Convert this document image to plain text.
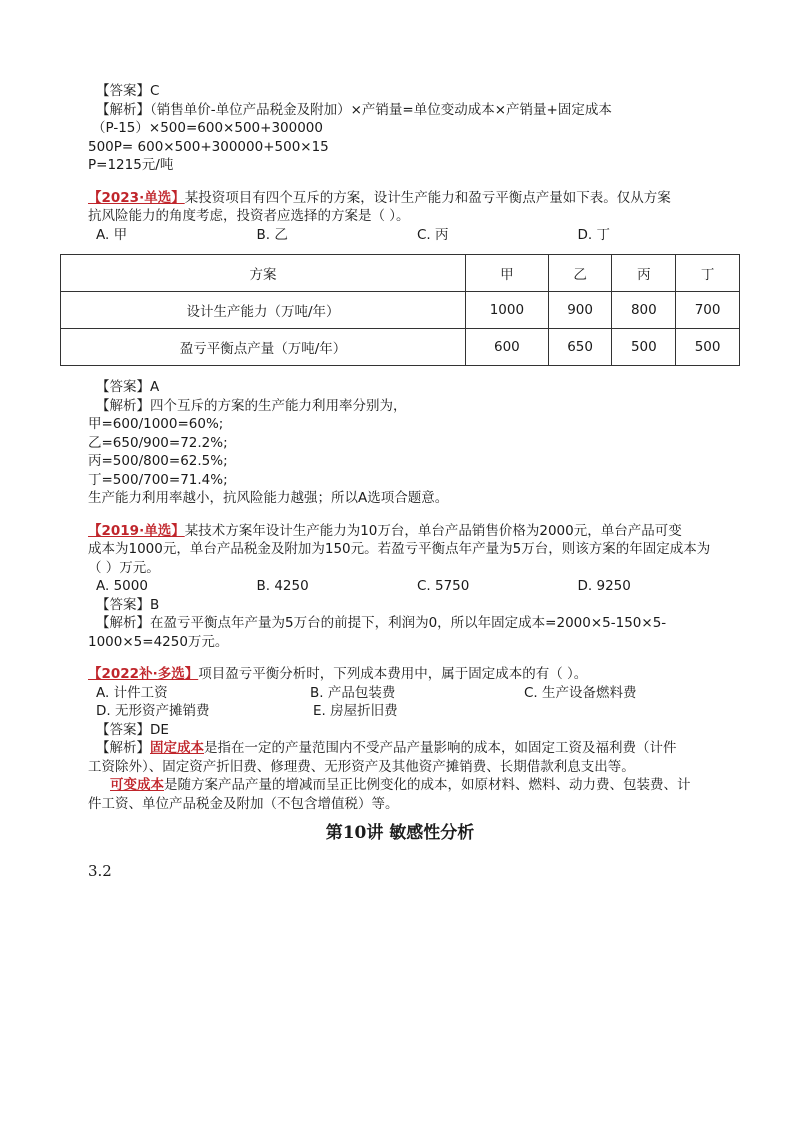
【答案】C
【解析】（销售单价-单位产品税金及附加）×产销量=单位变动成本×产销量+固定成本
（P-15）×500=600×500+300000
500P= 600×500+300000+500×15
P=1215元/吨
【2023·单选】某投资项目有四个互斥的方案，设计生产能力和盈亏平衡点产量如下表。仅从方案
抗风险能力的角度考虑，投资者应选择的方案是（ ）。
A. 甲	B. 乙	C. 丙	D. 丁
方案	甲	乙	丙	丁
设计生产能力（万吨/年）	1000	900	800	700
盈亏平衡点产量（万吨/年）	600	650	500	500
【答案】A
【解析】四个互斥的方案的生产能力利用率分别为，
甲=600/1000=60%;
乙=650/900=72.2%;
丙=500/800=62.5%;
丁=500/700=71.4%;
生产能力利用率越小，抗风险能力越强；所以A选项合题意。
【2019·单选】某技术方案年设计生产能力为10万台，单台产品销售价格为2000元，单台产品可变
成本为1000元，单台产品税金及附加为150元。若盈亏平衡点年产量为5万台，则该方案的年固定成本为
（ ）万元。
A. 5000	B. 4250	C. 5750	D. 9250
【答案】B
【解析】在盈亏平衡点年产量为5万台的前提下，利润为0，所以年固定成本=2000×5-150×5-
1000×5=4250万元。
【2022补·多选】项目盈亏平衡分析时，下列成本费用中，属于固定成本的有（ ）。
A. 计件工资	B. 产品包装费	C. 生产设备燃料费
D. 无形资产摊销费	E. 房屋折旧费
【答案】DE
【解析】固定成本是指在一定的产量范围内不受产品产量影响的成本，如固定工资及福利费（计件
工资除外）、固定资产折旧费、修理费、无形资产及其他资产摊销费、长期借款利息支出等。
可变成本是随方案产品产量的增减而呈正比例变化的成本，如原材料、燃料、动力费、包装费、计
件工资、单位产品税金及附加（不包含增值税）等。
第10讲 敏感性分析
3.2
